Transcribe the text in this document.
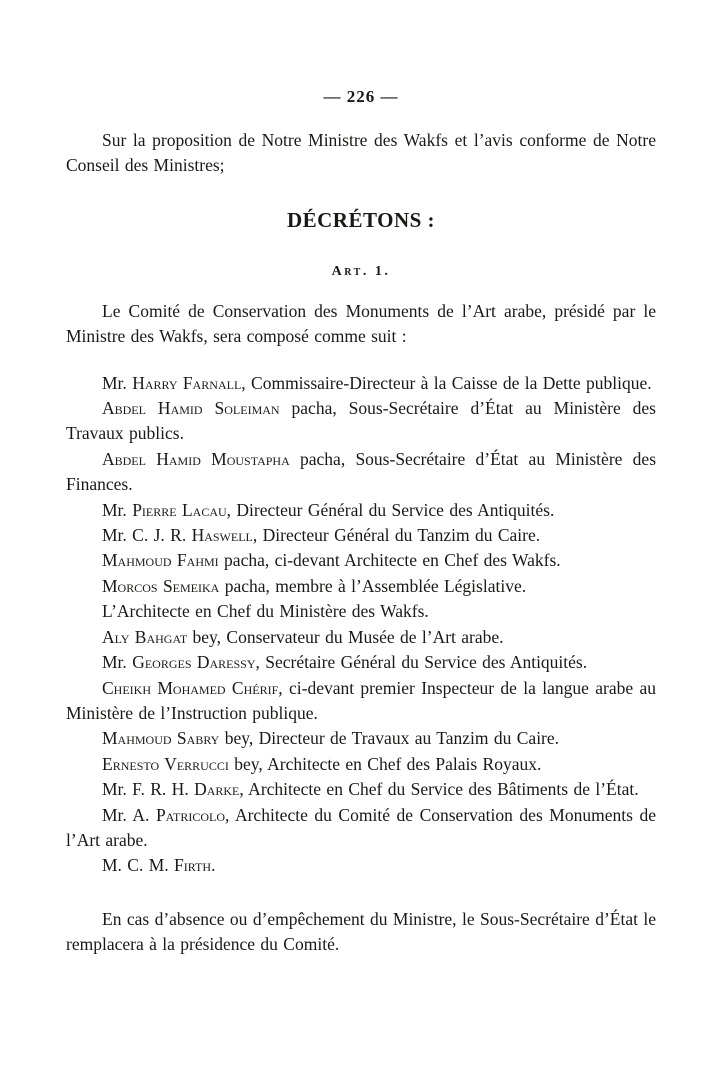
— 226 —

Sur la proposition de Notre Ministre des Wakfs et l’avis conforme de Notre Conseil des Ministres;

DÉCRÉTONS :
Art. 1.

Le Comité de Conservation des Monuments de l’Art arabe, présidé par le Ministre des Wakfs, sera composé comme suit :

Mr. Harry Farnall, Commissaire-Directeur à la Caisse de la Dette publique.

Abdel Hamid Soleiman pacha, Sous-Secrétaire d’État au Ministère des Travaux publics.

Abdel Hamid Moustapha pacha, Sous-Secrétaire d’État au Ministère des Finances.

Mr. Pierre Lacau, Directeur Général du Service des Antiquités.

Mr. C. J. R. Haswell, Directeur Général du Tanzim du Caire.

Mahmoud Fahmi pacha, ci-devant Architecte en Chef des Wakfs.

Morcos Semeika pacha, membre à l’Assemblée Législative.

L’Architecte en Chef du Ministère des Wakfs.

Aly Bahgat bey, Conservateur du Musée de l’Art arabe.

Mr. Georges Daressy, Secrétaire Général du Service des Antiquités.

Cheikh Mohamed Chérif, ci-devant premier Inspecteur de la langue arabe au Ministère de l’Instruction publique.

Mahmoud Sabry bey, Directeur de Travaux au Tanzim du Caire.

Ernesto Verrucci bey, Architecte en Chef des Palais Royaux.

Mr. F. R. H. Darke, Architecte en Chef du Service des Bâtiments de l’État.

Mr. A. Patricolo, Architecte du Comité de Conservation des Monuments de l’Art arabe.

M. C. M. Firth.

En cas d’absence ou d’empêchement du Ministre, le Sous-Secrétaire d’État le remplacera à la présidence du Comité.
